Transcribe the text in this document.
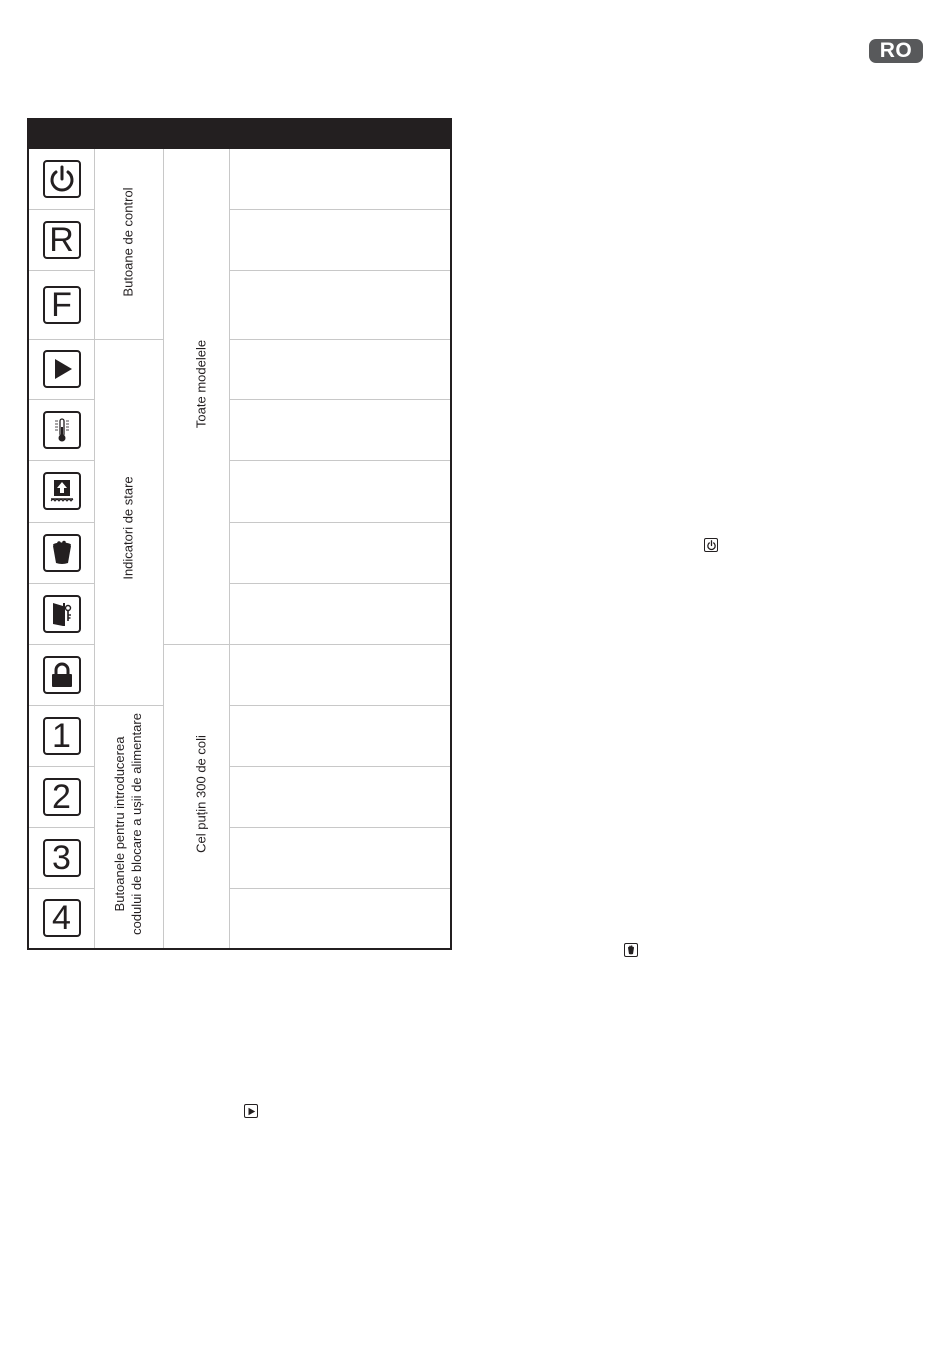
RO
R
F
1
2
3
4
Butoane de control
Indicatori de stare
Butoanele pentru introducerea codului de blocare a ușii de alimentare
Toate modelele
Cel puțin 300 de coli
